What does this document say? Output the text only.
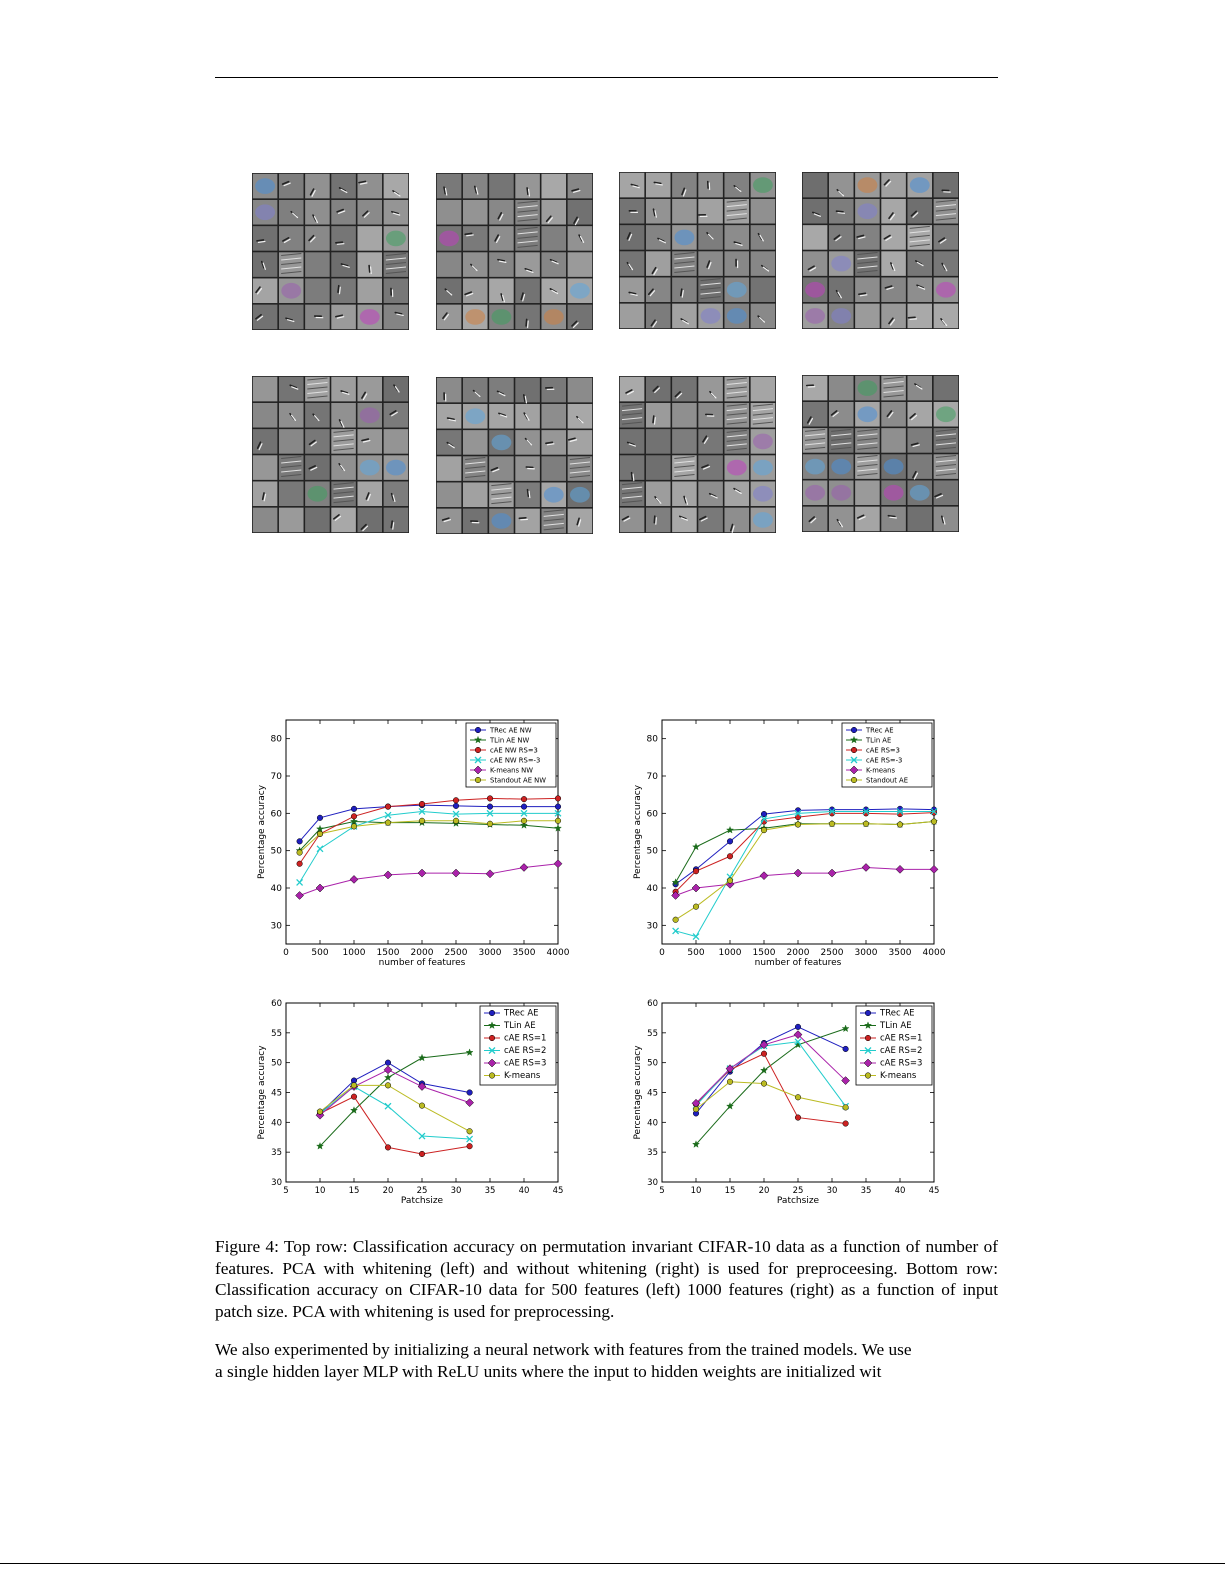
0	500 1000 1500 2000 2500 3000 3500 4000
30
40
50
60
70
80
number of features
Percentage accuracy
TRec AE NW
TLin AE NW
cAE NW RS=3
cAE NW RS=-3
K-means NW
Standout AE NW
0	500 1000 1500 2000 2500 3000 3500 4000
30
40
50
60
70
80
number of features
Percentage accuracy
TRec AE
TLin AE
cAE RS=3
cAE RS=-3
K-means
Standout AE
5	10	15	20	25	30	35	40	45
30
35
40
45
50
55
60
Patchsize
Percentage accuracy
TRec AE
TLin AE
cAE RS=1
cAE RS=2
cAE RS=3
K-means
5	10	15	20	25	30	35	40	45
30
35
40
45
50
55
60
Patchsize
Percentage accuracy
TRec AE
TLin AE
cAE RS=1
cAE RS=2
cAE RS=3
K-means

Figure 4: Top row: Classification accuracy on permutation invariant CIFAR-10 data as a function of number of features. PCA with whitening (left) and without whitening (right) is used for preproceesing. Bottom row: Classification accuracy on CIFAR-10 data for 500 features (left) 1000 features (right) as a function of input patch size. PCA with whitening is used for preprocessing.

We also experimented by initializing a neural network with features from the trained models. We use
a single hidden layer MLP with ReLU units where the input to hidden weights are initialized wit
